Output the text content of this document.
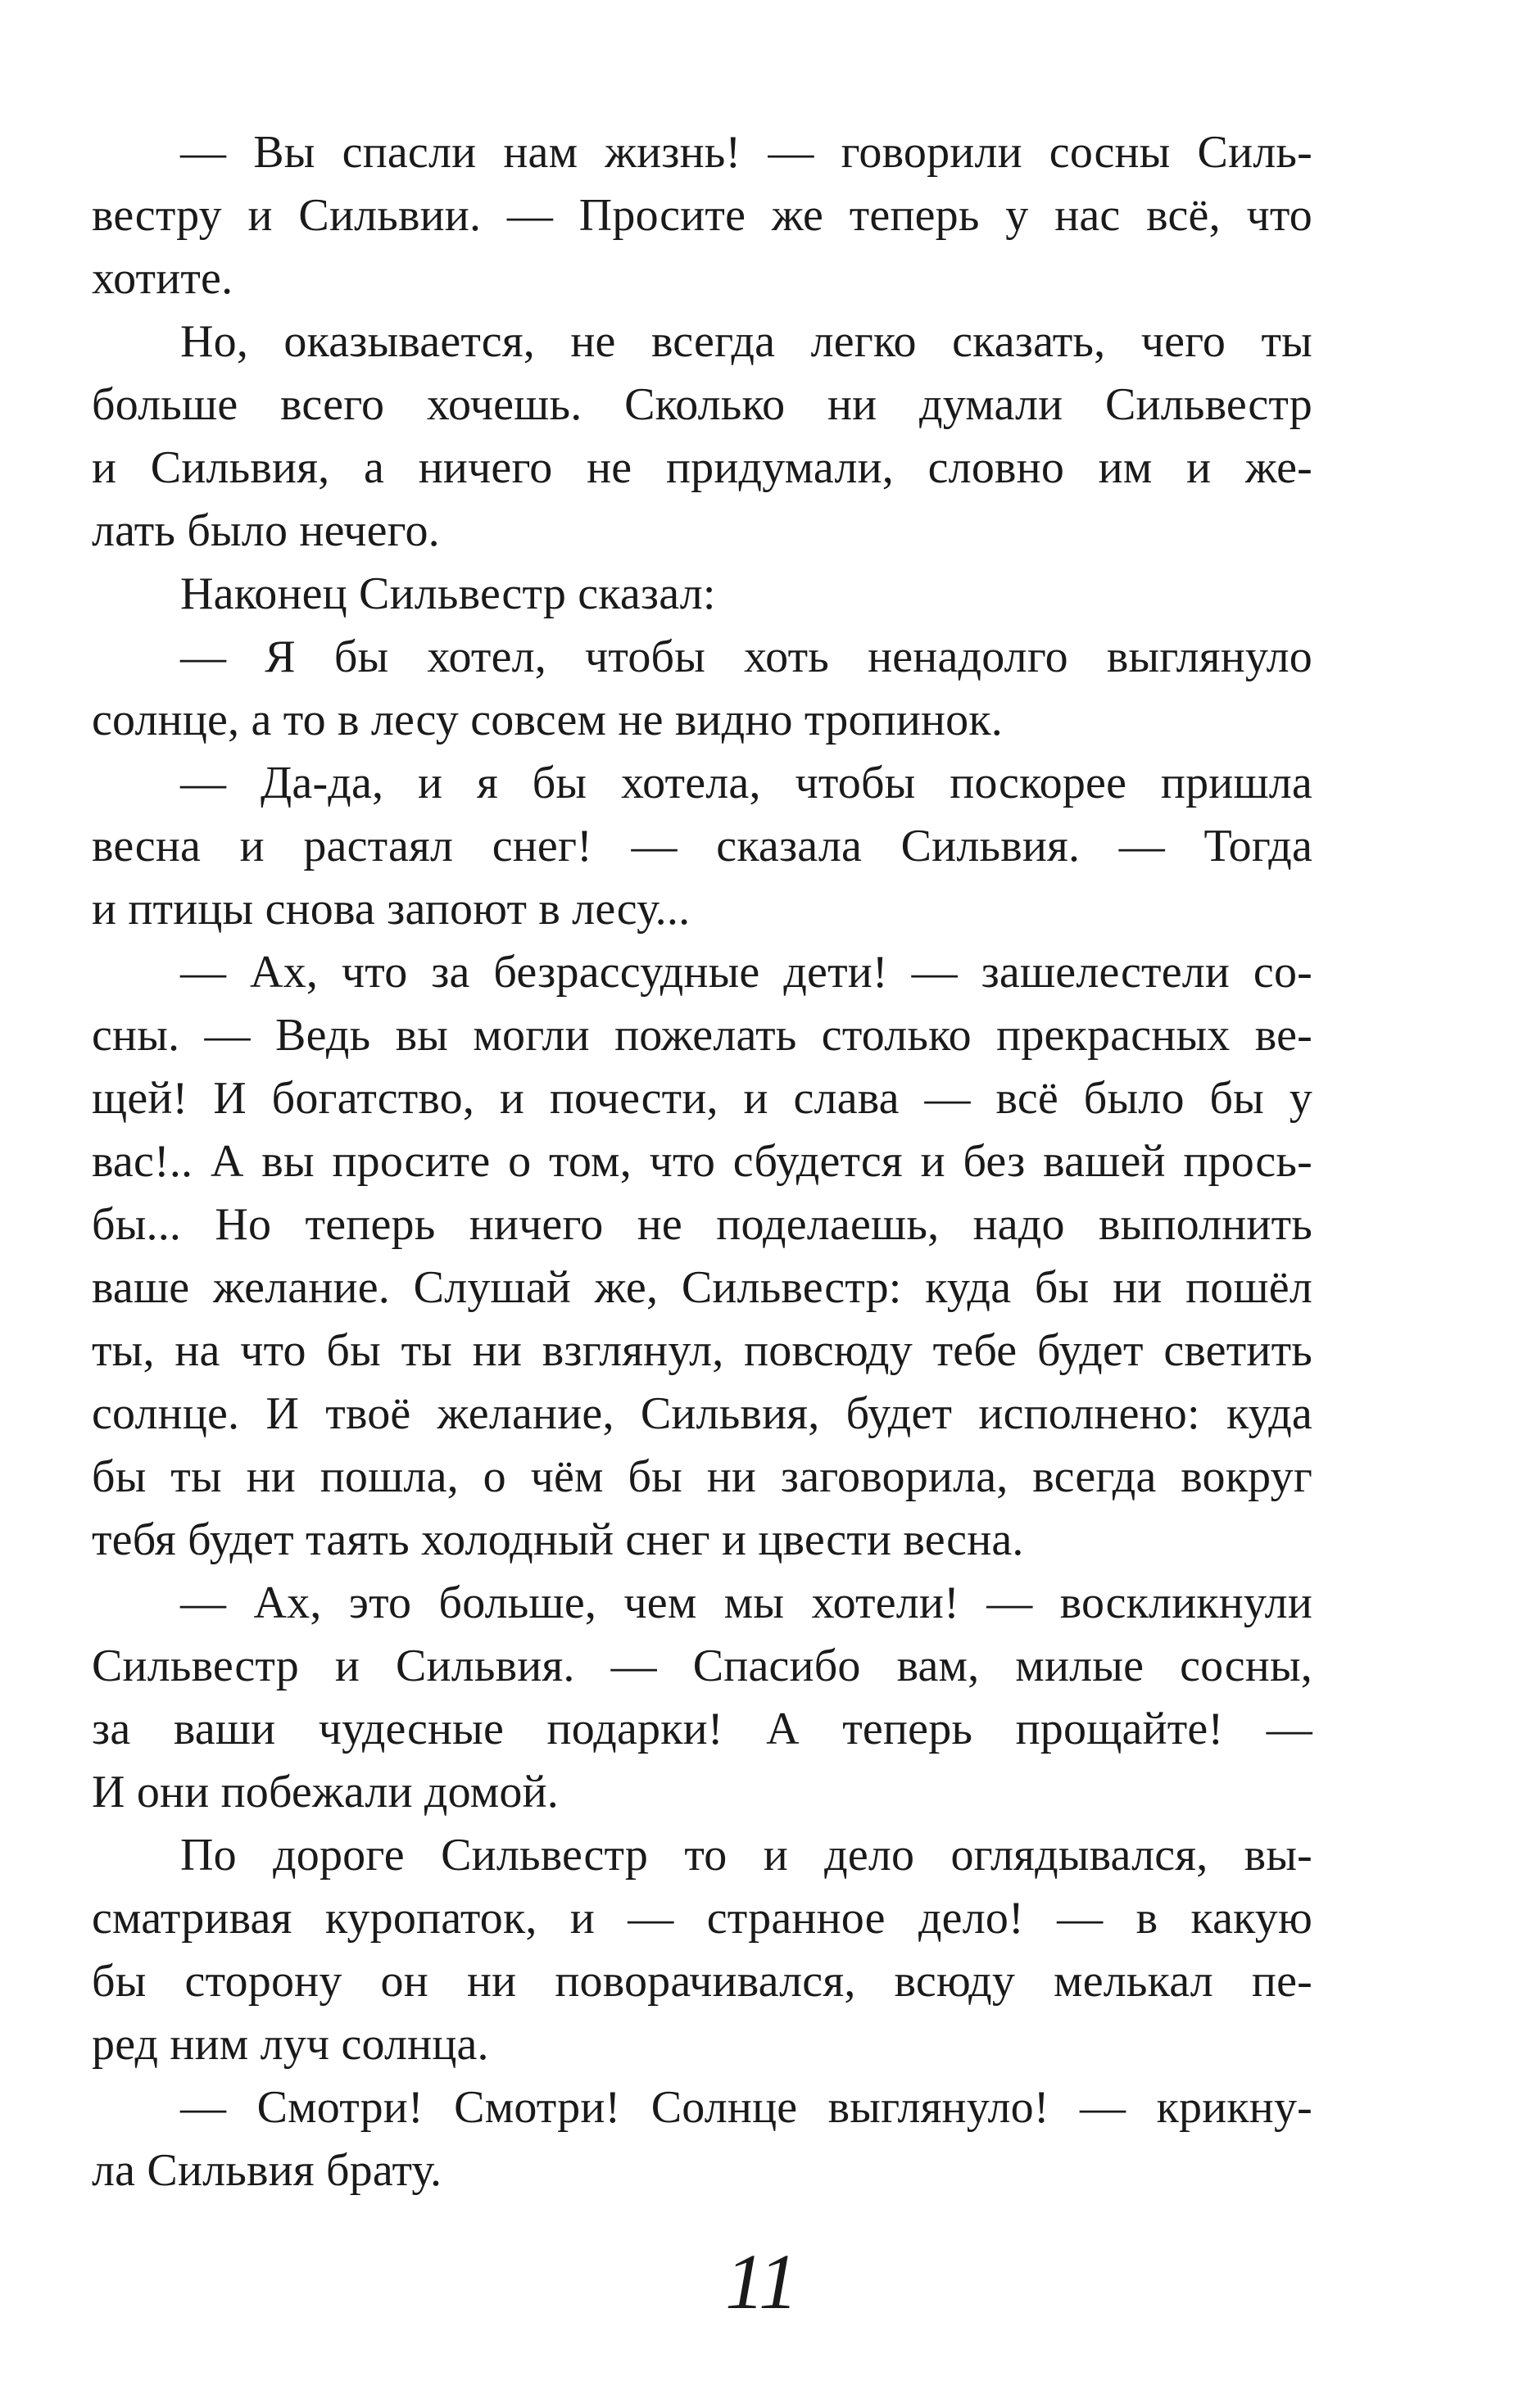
— Вы спасли нам жизнь! — говорили сосны Силь-
вестру и Сильвии. — Просите же теперь у нас всё, что
хотите.
Но, оказывается, не всегда легко сказать, чего ты
больше всего хочешь. Сколько ни думали Сильвестр
и Сильвия, а ничего не придумали, словно им и же-
лать было нечего.
Наконец Сильвестр сказал:
— Я бы хотел, чтобы хоть ненадолго выглянуло
солнце, а то в лесу совсем не видно тропинок.
— Да-да, и я бы хотела, чтобы поскорее пришла
весна и растаял снег! — сказала Сильвия. — Тогда
и птицы снова запоют в лесу...
— Ах, что за безрассудные дети! — зашелестели со-
сны. — Ведь вы могли пожелать столько прекрасных ве-
щей! И богатство, и почести, и слава — всё было бы у
вас!.. А вы просите о том, что сбудется и без вашей прось-
бы... Но теперь ничего не поделаешь, надо выполнить
ваше желание. Слушай же, Сильвестр: куда бы ни пошёл
ты, на что бы ты ни взглянул, повсюду тебе будет светить
солнце. И твоё желание, Сильвия, будет исполнено: куда
бы ты ни пошла, о чём бы ни заговорила, всегда вокруг
тебя будет таять холодный снег и цвести весна.
— Ах, это больше, чем мы хотели! — воскликнули
Сильвестр и Сильвия. — Спасибо вам, милые сосны,
за ваши чудесные подарки! А теперь прощайте! —
И они побежали домой.
По дороге Сильвестр то и дело оглядывался, вы-
сматривая куропаток, и — странное дело! — в какую
бы сторону он ни поворачивался, всюду мелькал пе-
ред ним луч солнца.
— Смотри! Смотри! Солнце выглянуло! — крикну-
ла Сильвия брату.
11
